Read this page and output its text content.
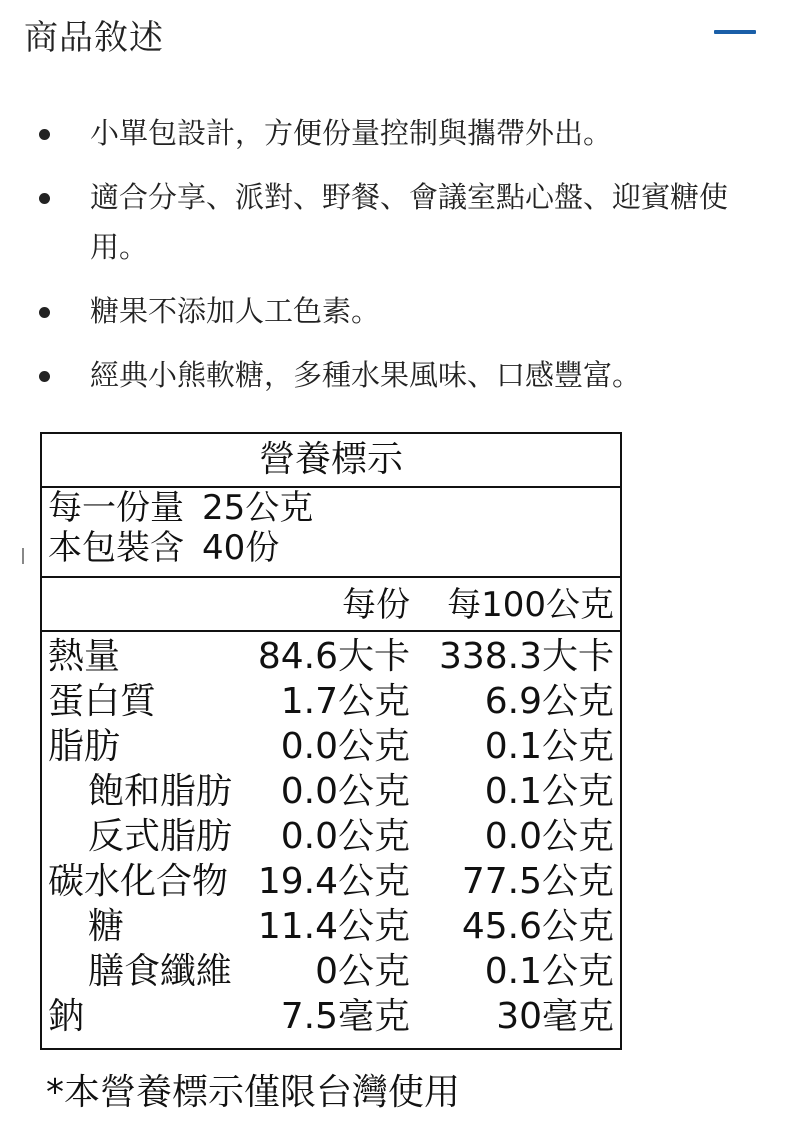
商品敘述
小單包設計，方便份量控制與攜帶外出。
適合分享、派對、野餐、會議室點心盤、迎賓糖使用。
糖果不添加人工色素。
經典小熊軟糖，多種水果風味、口感豐富。
營養標示
每一份量 25公克
本包裝含 40份
每份 每100公克
熱量	84.6大卡 338.3大卡
蛋白質	1.7公克 6.9公克
脂肪	0.0公克 0.1公克
飽和脂肪 0.0公克 0.1公克
反式脂肪 0.0公克 0.0公克
碳水化合物 19.4公克 77.5公克
糖	11.4公克 45.6公克
膳食纖維 0公克 0.1公克
鈉	7.5毫克 30毫克
*本營養標示僅限台灣使用
